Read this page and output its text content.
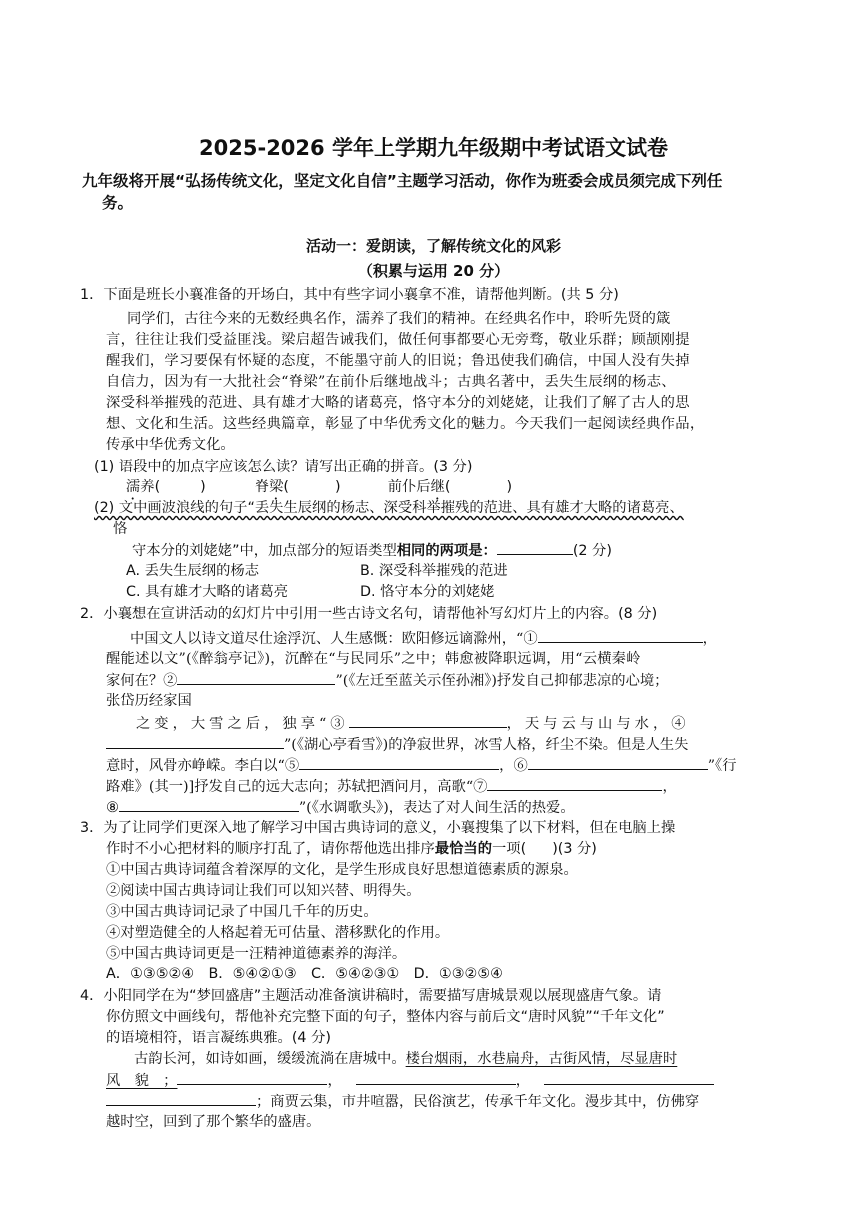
2025-2026 学年上学期九年级期中考试语文试卷
九年级将开展“弘扬传统文化，坚定文化自信”主题学习活动，你作为班委会成员须完成下列任
务。
活动一：爱朗读，了解传统文化的风彩
（积累与运用 20 分）
1．下面是班长小襄准备的开场白，其中有些字词小襄拿不准，请帮他判断。(共 5 分)
同学们，古往今来的无数经典名作，濡养了我们的精神。在经典名作中，聆听先贤的箴
言，往往让我们受益匪浅。梁启超告诫我们，做任何事都要心无旁骛，敬业乐群；顾颉刚提
醒我们，学习要保有怀疑的态度，不能墨守前人的旧说；鲁迅使我们确信，中国人没有失掉
自信力，因为有一大批社会“脊梁”在前仆后继地战斗；古典名著中，丢失生辰纲的杨志、
深受科举摧残的范进、具有雄才大略的诸葛亮，恪守本分的刘姥姥，让我们了解了古人的思
想、文化和生活。这些经典篇章，彰显了中华优秀文化的魅力。今天我们一起阅读经典作品，
传承中华优秀文化。
(1) 语段中的加点字应该怎么读？请写出正确的拼音。(3 分)
濡养(	)	脊梁(	)	前仆后继(	)
(2) 文中画波浪线的句子“丢失生辰纲的杨志、深受科举摧残的范进、具有雄才大略的诸葛亮、
恪
守本分的刘姥姥”中，加点部分的短语类型相同的两项是：	(2 分)
A. 丢失生辰纲的杨志	B. 深受科举摧残的范进
C. 具有雄才大略的诸葛亮	D. 恪守本分的刘姥姥
2．小襄想在宣讲活动的幻灯片中引用一些古诗文名句，请帮他补写幻灯片上的内容。(8 分)
中国文人以诗文道尽仕途浮沉、人生感慨：欧阳修远谪滁州，“①	，
醒能述以文”(《醉翁亭记》)，沉醉在“与民同乐”之中；韩愈被降职远调，用“云横秦岭
家何在？②	”(《左迁至蓝关示侄孙湘》)抒发自己抑郁悲凉的心境；
张岱历经家国
之变，大雪之后，独享“③	，天与云与山与水，④
”(《湖心亭看雪》)的净寂世界，冰雪人格，纤尘不染。但是人生失
意时，风骨亦峥嵘。李白以“⑤	，⑥	”《行
路难》(其一)]抒发自己的远大志向；苏轼把酒问月，高歌“⑦	，
⑧	”(《水调歌头》)，表达了对人间生活的热爱。
3．为了让同学们更深入地了解学习中国古典诗词的意义，小襄搜集了以下材料，但在电脑上操
作时不小心把材料的顺序打乱了，请你帮他选出排序最恰当的一项( )(3 分)
①中国古典诗词蕴含着深厚的文化，是学生形成良好思想道德素质的源泉。
②阅读中国古典诗词让我们可以知兴替、明得失。
③中国古典诗词记录了中国几千年的历史。
④对塑造健全的人格起着无可估量、潜移默化的作用。
⑤中国古典诗词更是一汪精神道德素养的海洋。
A．①③⑤②④　B．⑤④②①③　C．⑤④②③①　D．①③②⑤④
4．小阳同学在为“梦回盛唐”主题活动准备演讲稿时，需要描写唐城景观以展现盛唐气象。请
你仿照文中画线句，帮他补充完整下面的句子，整体内容与前后文“唐时风貌”“千年文化”
的语境相符，语言凝练典雅。(4 分)
古韵长河，如诗如画，缓缓流淌在唐城中。楼台烟雨，水巷扁舟，古街风情，尽显唐时
风　貌　；	，	，
；商贾云集，市井喧嚣，民俗演艺，传承千年文化。漫步其中，仿佛穿
越时空，回到了那个繁华的盛唐。
